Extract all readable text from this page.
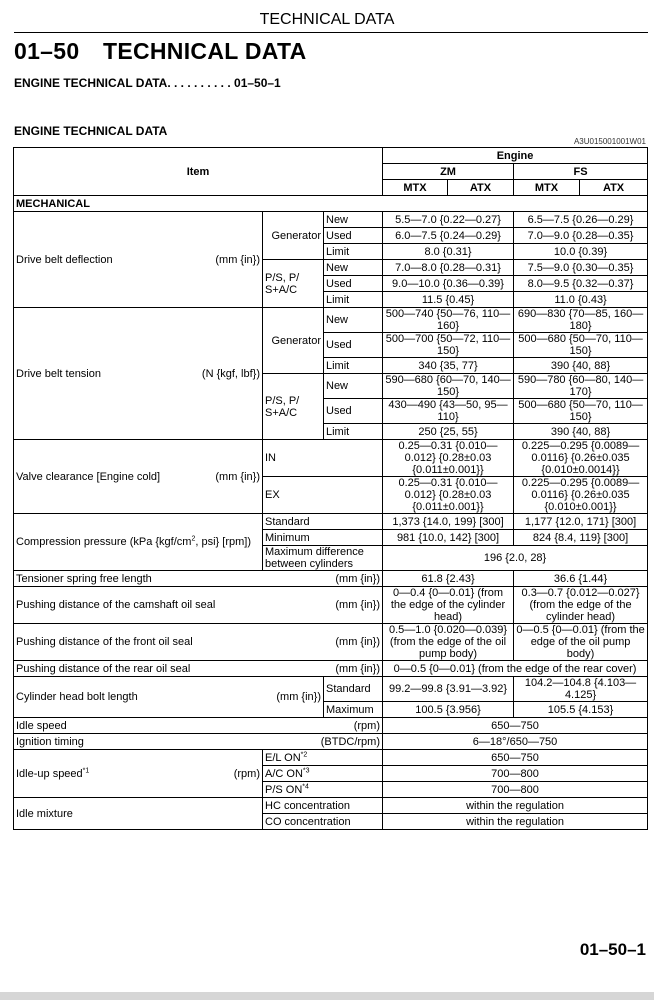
TECHNICAL DATA
01–50 TECHNICAL DATA
ENGINE TECHNICAL DATA. . . . . . . . . . 01–50–1
ENGINE TECHNICAL DATA
A3U015001001W01
Item			Engine			
			ZM		FS	
			MTX	ATX	MTX	ATX
MECHANICAL						

Drive belt deflection (mm {in})	Generator	New	5.5—7.0 {0.22—0.27}		6.5—7.5 {0.26—0.29}	
		Used	6.0—7.5 {0.24—0.29}		7.0—9.0 {0.28—0.35}	
		Limit	8.0 {0.31}		10.0 {0.39}	
	P/S, P/ S+A/C	New	7.0—8.0 {0.28—0.31}		7.5—9.0 {0.30—0.35}	
		Used	9.0—10.0 {0.36—0.39}		8.0—9.5 {0.32—0.37}	
		Limit	11.5 {0.45}		11.0 {0.43}	

Drive belt tension (N {kgf, lbf})	Generator	New	500—740 {50—76, 110—160}		690—830 {70—85, 160—180}	
		Used	500—700 {50—72, 110—150}		500—680 {50—70, 110—150}	
		Limit	340 {35, 77}		390 {40, 88}	
	P/S, P/ S+A/C	New	590—680 {60—70, 140—150}		590—780 {60—80, 140—170}	
		Used	430—490 {43—50, 95—110}		500—680 {50—70, 110—150}	
		Limit	250 {25, 55}		390 {40, 88}	

Valve clearance [Engine cold] (mm {in})	IN		0.25—0.31 {0.010—0.012} {0.28±0.03 {0.011±0.001}}		0.225—0.295 {0.0089—0.0116} {0.26±0.035 {0.010±0.0014}}	
	EX		0.25—0.31 {0.010—0.012} {0.28±0.03 {0.011±0.001}}		0.225—0.295 {0.0089—0.0116} {0.26±0.035 {0.010±0.001}}	
Compression pressure (kPa {$kgf/cm^2$, psi} [rpm])	Standard		1,373 {14.0, 199} [300]		1,177 {12.0, 171} [300]	
	Minimum		981 {10.0, 142} [300]		824 {8.4, 119} [300]	
	Maximum difference between cylinders		196 {2.0, 28}			

Tensioner spring free length (mm {in})			61.8 {2.43}		36.6 {1.44}	

Pushing distance of the camshaft oil seal (mm {in})			0—0.4 {0—0.01} (from the edge of the cylinder head)		0.3—0.7 {0.012—0.027} (from the edge of the cylinder head)	

Pushing distance of the front oil seal (mm {in})			0.5—1.0 {0.020—0.039} (from the edge of the oil pump body)		0—0.5 {0—0.01} (from the edge of the oil pump body)	

Pushing distance of the rear oil seal (mm {in})			0—0.5 {0—0.01} (from the edge of the rear cover)			

Cylinder head bolt length (mm {in})		Standard	99.2—99.8 {3.91—3.92}		104.2—104.8 {4.103—4.125}	
		Maximum	100.5 {3.956}		105.5 {4.153}	

Idle speed (rpm)			650—750			

Ignition timing (BTDC/rpm)			6—18°/650—750			

Idle-up speed$^{*1}$ (rpm)	E/L ON$^{*2}$		650—750			
	A/C ON$^{*3}$		700—800			
	P/S ON$^{*4}$		700—800			
Idle mixture	HC concentration		within the regulation			
	CO concentration		within the regulation			
01–50–1
